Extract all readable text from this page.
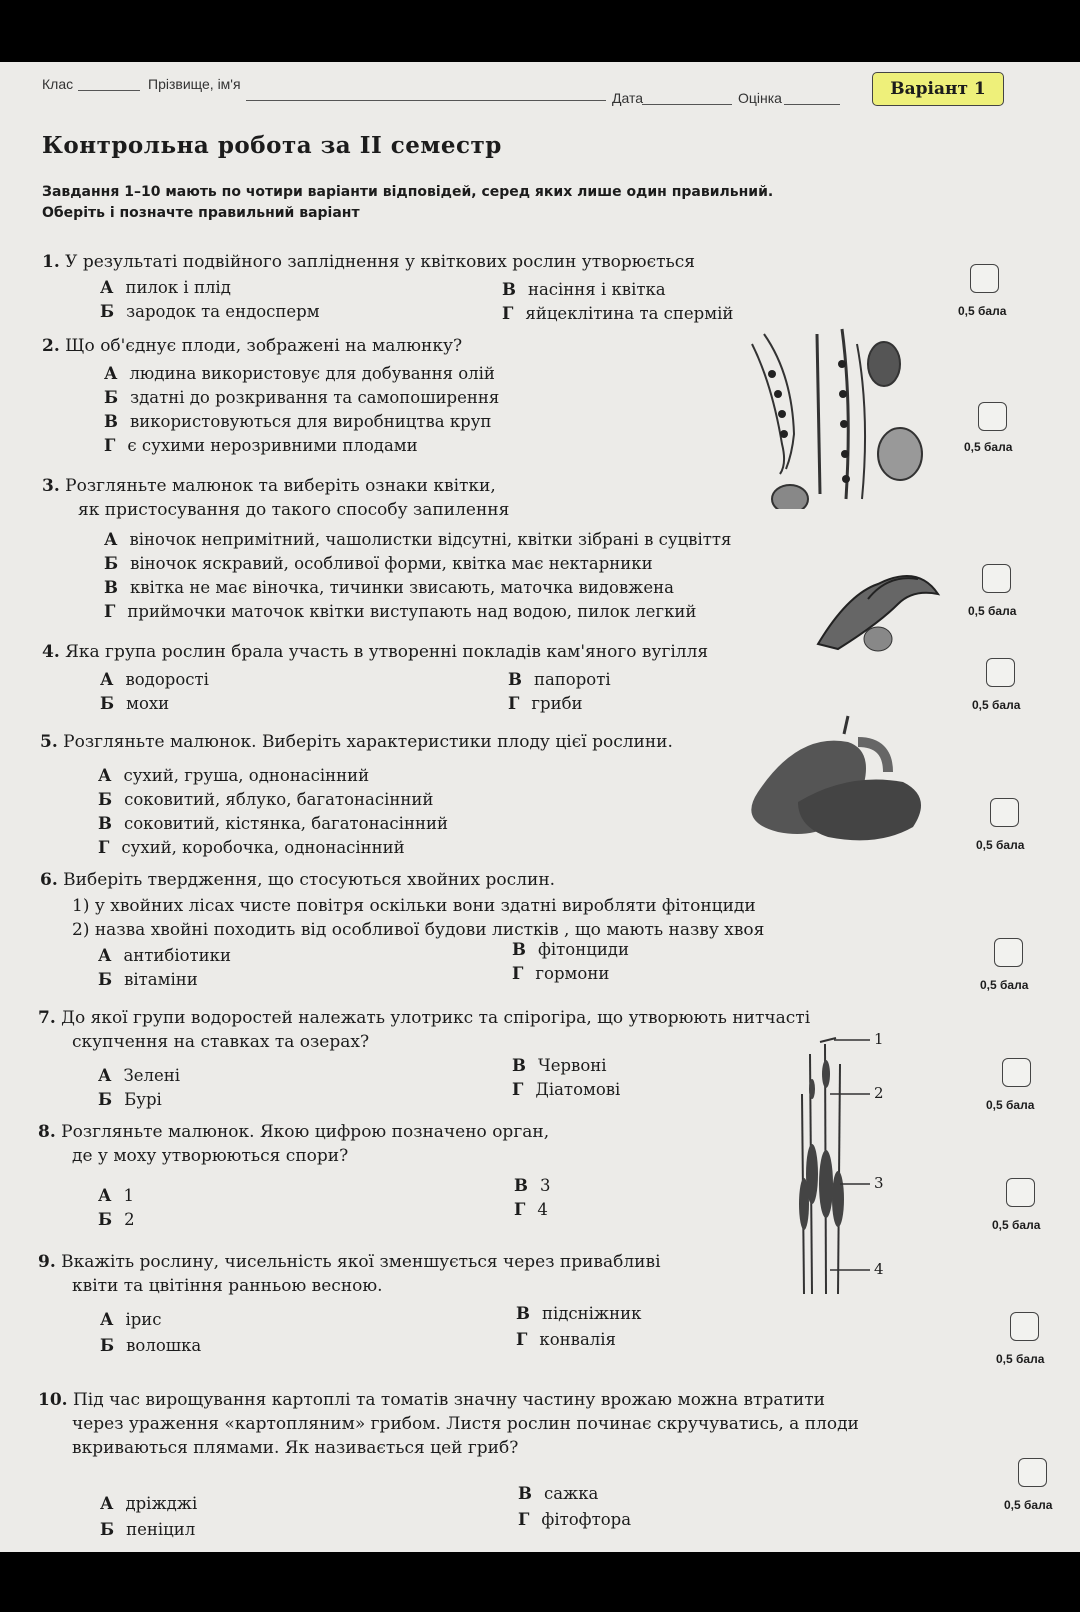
Клас	Прізвище, ім'я
Дата	Оцінка	Варіант 1
Контрольна робота за ІІ семестр
Завдання 1–10 мають по чотири варіанти відповідей, серед яких лише один правильний.
Оберіть і позначте правильний варіант
1. У результаті подвійного запліднення у квіткових рослин утворюється
А пилок і плід
Б зародок та ендосперм
В насіння і квітка
Г яйцеклітина та спермій	0,5 бала
2. Що об'єднує плоди, зображені на малюнку?
А людина використовує для добування олій
Б здатні до розкривання та самопоширення
В використовуються для виробництва круп
Г є сухими нерозривними плодами	0,5 бала
3. Розгляньте малюнок та виберіть ознаки квітки,
як пристосування до такого способу запилення
А віночок непримітний, чашолистки відсутні, квітки зібрані в суцвіття
Б віночок яскравий, особливої форми, квітка має нектарники
В квітка не має віночка, тичинки звисають, маточка видовжена
Г приймочки маточок квітки виступають над водою, пилок легкий	0,5 бала
4. Яка група рослин брала участь в утворенні покладів кам'яного вугілля
А водорості
Б мохи
В папороті
Г гриби	0,5 бала
5. Розгляньте малюнок. Виберіть характеристики плоду цієї рослини.
А сухий, груша, однонасінний
Б соковитий, яблуко, багатонасінний
В соковитий, кістянка, багатонасінний
Г сухий, коробочка, однонасінний	0,5 бала
6. Виберіть твердження, що стосуються хвойних рослин.
1) у хвойних лісах чисте повітря оскільки вони здатні виробляти фітонциди
2) назва хвойні походить від особливої будови листків , що мають назву хвоя
А антибіотики
Б вітаміни
В фітонциди
Г гормони
0,5 бала
7. До якої групи водоростей належать улотрикс та спірогіра, що утворюють нитчасті
скупчення на ставках та озерах?
А Зелені
Б Бурі
В Червоні
Г Діатомові
0,5 бала
1
2
3
4
8. Розгляньте малюнок. Якою цифрою позначено орган,
де у моху утворюються спори?
А 1
Б 2
В 3
Г 4
0,5 бала
9. Вкажіть рослину, чисельність якої зменшується через привабливі
квіти та цвітіння ранньою весною.
А ірис
Б волошка
В підсніжник
Г конвалія
0,5 бала
10. Під час вирощування картоплі та томатів значну частину врожаю можна втратити
через ураження «картопляним» грибом. Листя рослин починає скручуватись, а плоди
вкриваються плямами. Як називається цей гриб?
А дріжджі
Б пеніцил
В сажка
Г фітофтора
0,5 бала
